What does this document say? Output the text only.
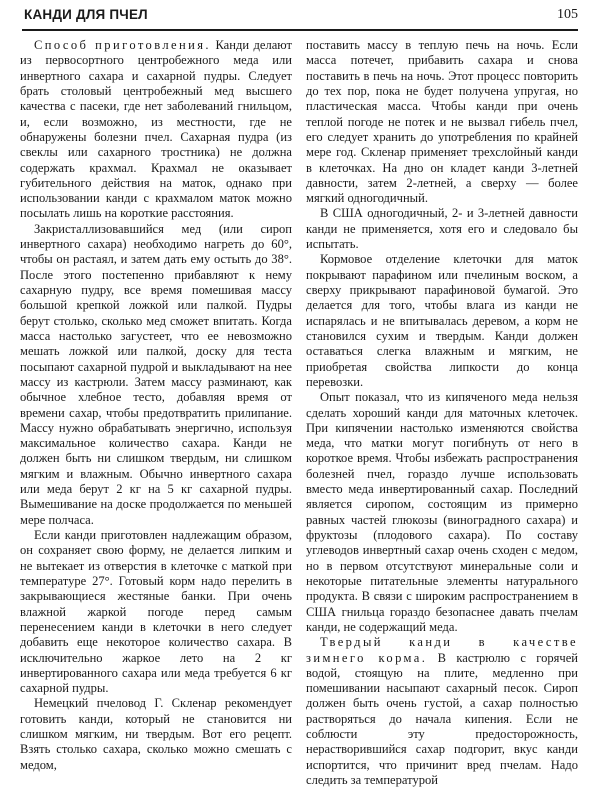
КАНДИ ДЛЯ ПЧЕЛ	105

Способ приготовления. Канди делают из первосортного центробежного меда или инвертного сахара и сахарной пудры. Следует брать столовый центробежный мед высшего качества с пасеки, где нет заболеваний гнильцом, и, если возможно, из местности, где не обнаружены болезни пчел. Сахарная пудра (из свеклы или сахарного тростника) не должна содержать крахмал. Крахмал не оказывает губительного действия на маток, однако при использовании канди с крахмалом маток можно посылать лишь на короткие расстояния.

Закристаллизовавшийся мед (или сироп инвертного сахара) необходимо нагреть до 60°, чтобы он растаял, и затем дать ему остыть до 38°. После этого постепенно прибавляют к нему сахарную пудру, все время помешивая массу большой крепкой ложкой или палкой. Пудры берут столько, сколько мед сможет впитать. Когда масса настолько загустеет, что ее невозможно мешать ложкой или палкой, доску для теста посыпают сахарной пудрой и выкладывают на нее массу из кастрюли. Затем массу разминают, как обычное хлебное тесто, добавляя время от времени сахар, чтобы предотвратить прилипание. Массу нужно обрабатывать энергично, используя максимальное количество сахара. Канди не должен быть ни слишком твердым, ни слишком мягким и влажным. Обычно инвертного сахара или меда берут 2 кг на 5 кг сахарной пудры. Вымешивание на доске продолжается по меньшей мере полчаса.

Если канди приготовлен надлежащим образом, он сохраняет свою форму, не делается липким и не вытекает из отверстия в клеточке с маткой при температуре 27°. Готовый корм надо перелить в закрывающиеся жестяные банки. При очень влажной жаркой погоде перед самым перенесением канди в клеточки в него следует добавить еще некоторое количество сахара. В исключительно жаркое лето на 2 кг инвертированного сахара или меда требуется 6 кг сахарной пудры.

Немецкий пчеловод Г. Скленар рекомендует готовить канди, который не становится ни слишком мягким, ни твердым. Вот его рецепт. Взять столько сахара, сколько можно смешать с медом,

поставить массу в теплую печь на ночь. Если масса потечет, прибавить сахара и снова поставить в печь на ночь. Этот процесс повторить до тех пор, пока не будет получена упругая, но пластическая масса. Чтобы канди при очень теплой погоде не потек и не вызвал гибель пчел, его следует хранить до употребления по крайней мере год. Скленар применяет трехслойный канди в клеточках. На дно он кладет канди 3-летней давности, затем 2-летней, а сверху — более мягкий одногодичный.

В США одногодичный, 2- и 3-летней давности канди не применяется, хотя его и следовало бы испытать.

Кормовое отделение клеточки для маток покрывают парафином или пчелиным воском, а сверху прикрывают парафиновой бумагой. Это делается для того, чтобы влага из канди не испарялась и не впитывалась деревом, а корм не становился сухим и твердым. Канди должен оставаться слегка влажным и мягким, не приобретая свойства липкости до конца перевозки.

Опыт показал, что из кипяченого меда нельзя сделать хороший канди для маточных клеточек. При кипячении настолько изменяются свойства меда, что матки могут погибнуть от него в короткое время. Чтобы избежать распространения болезней пчел, гораздо лучше использовать вместо меда инвертированный сахар. Последний является сиропом, состоящим из примерно равных частей глюкозы (виноградного сахара) и фруктозы (плодового сахара). По составу углеводов инвертный сахар очень сходен с медом, но в первом отсутствуют минеральные соли и некоторые питательные элементы натурального продукта. В связи с широким распространением в США гнильца гораздо безопаснее давать пчелам канди, не содержащий меда.

Твердый канди в качестве зимнего корма. В кастрюлю с горячей водой, стоящую на плите, медленно при помешивании насыпают сахарный песок. Сироп должен быть очень густой, а сахар полностью растворяться до начала кипения. Если не соблюсти эту предосторожность, нерастворившийся сахар подгорит, вкус канди испортится, что причинит вред пчелам. Надо следить за температурой
